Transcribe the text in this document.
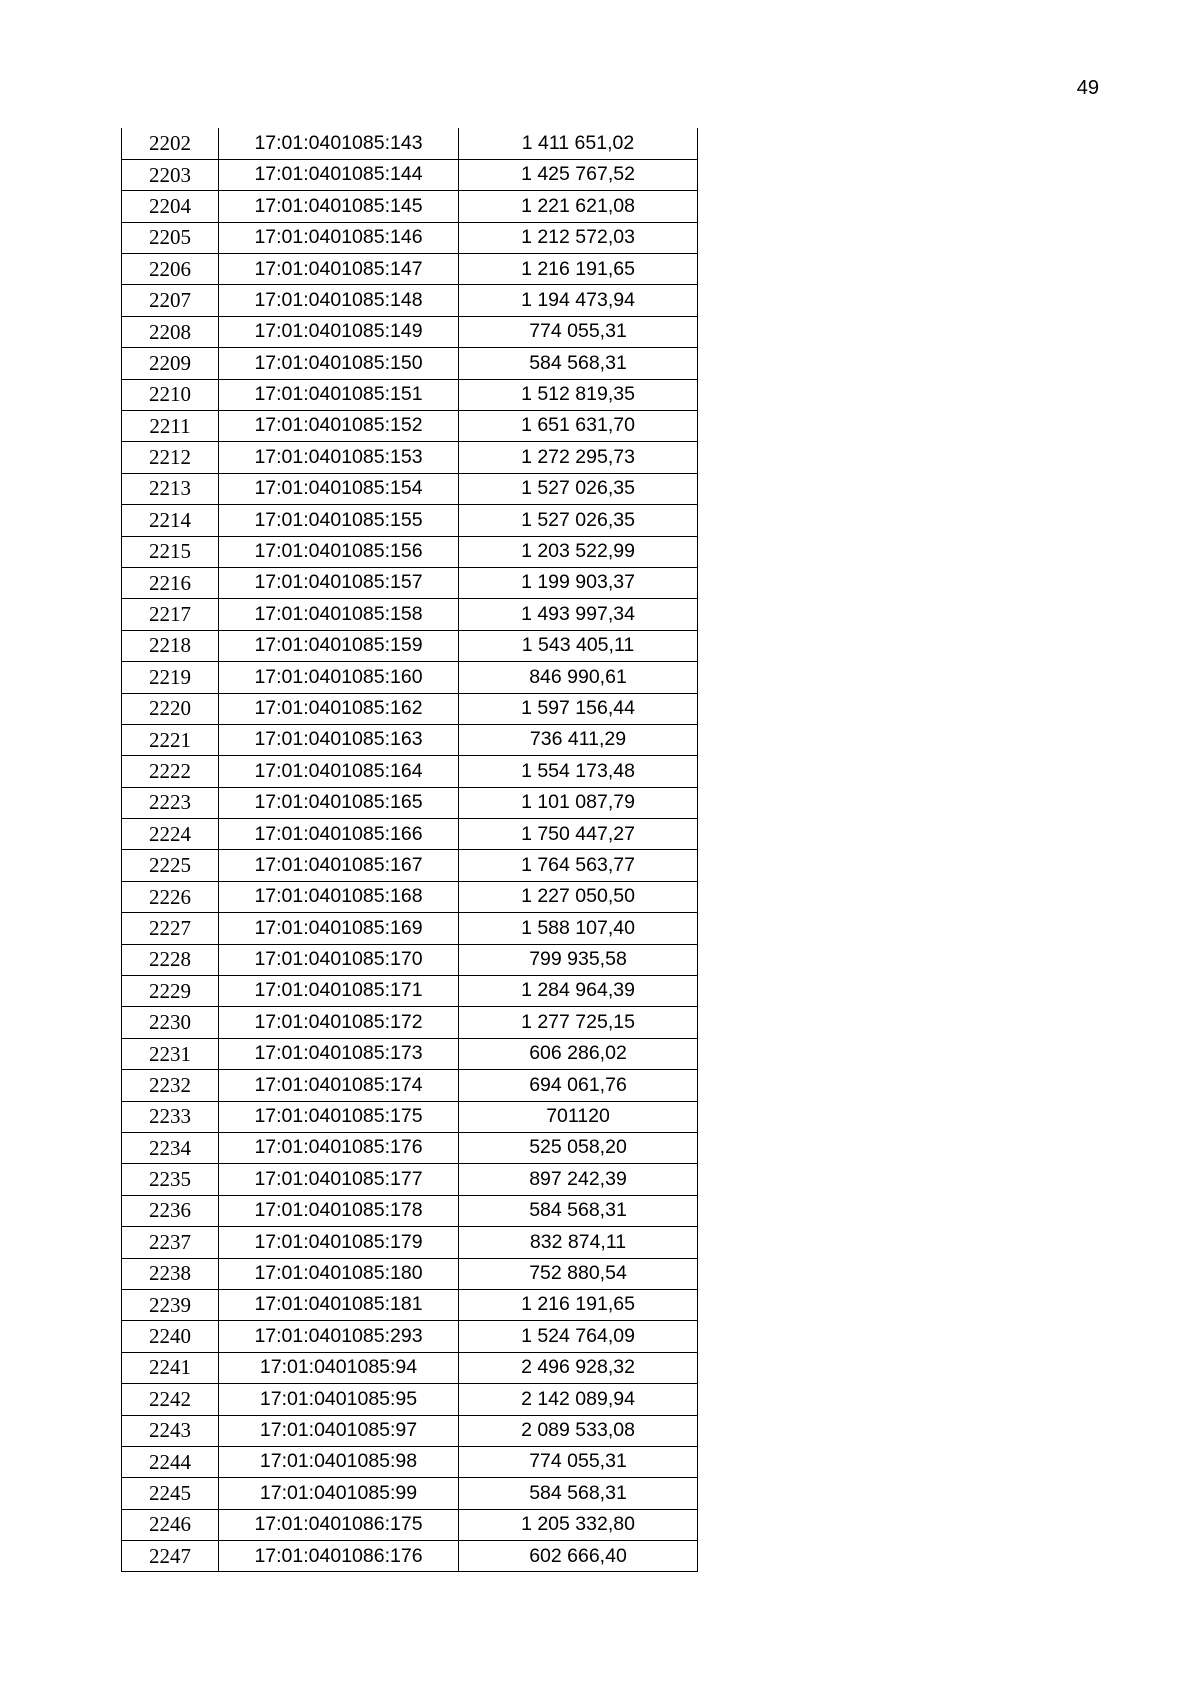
49
2202	17:01:0401085:143	1 411 651,02
2203	17:01:0401085:144	1 425 767,52
2204	17:01:0401085:145	1 221 621,08
2205	17:01:0401085:146	1 212 572,03
2206	17:01:0401085:147	1 216 191,65
2207	17:01:0401085:148	1 194 473,94
2208	17:01:0401085:149	774 055,31
2209	17:01:0401085:150	584 568,31
2210	17:01:0401085:151	1 512 819,35
2211	17:01:0401085:152	1 651 631,70
2212	17:01:0401085:153	1 272 295,73
2213	17:01:0401085:154	1 527 026,35
2214	17:01:0401085:155	1 527 026,35
2215	17:01:0401085:156	1 203 522,99
2216	17:01:0401085:157	1 199 903,37
2217	17:01:0401085:158	1 493 997,34
2218	17:01:0401085:159	1 543 405,11
2219	17:01:0401085:160	846 990,61
2220	17:01:0401085:162	1 597 156,44
2221	17:01:0401085:163	736 411,29
2222	17:01:0401085:164	1 554 173,48
2223	17:01:0401085:165	1 101 087,79
2224	17:01:0401085:166	1 750 447,27
2225	17:01:0401085:167	1 764 563,77
2226	17:01:0401085:168	1 227 050,50
2227	17:01:0401085:169	1 588 107,40
2228	17:01:0401085:170	799 935,58
2229	17:01:0401085:171	1 284 964,39
2230	17:01:0401085:172	1 277 725,15
2231	17:01:0401085:173	606 286,02
2232	17:01:0401085:174	694 061,76
2233	17:01:0401085:175	701120
2234	17:01:0401085:176	525 058,20
2235	17:01:0401085:177	897 242,39
2236	17:01:0401085:178	584 568,31
2237	17:01:0401085:179	832 874,11
2238	17:01:0401085:180	752 880,54
2239	17:01:0401085:181	1 216 191,65
2240	17:01:0401085:293	1 524 764,09
2241	17:01:0401085:94	2 496 928,32
2242	17:01:0401085:95	2 142 089,94
2243	17:01:0401085:97	2 089 533,08
2244	17:01:0401085:98	774 055,31
2245	17:01:0401085:99	584 568,31
2246	17:01:0401086:175	1 205 332,80
2247	17:01:0401086:176	602 666,40
